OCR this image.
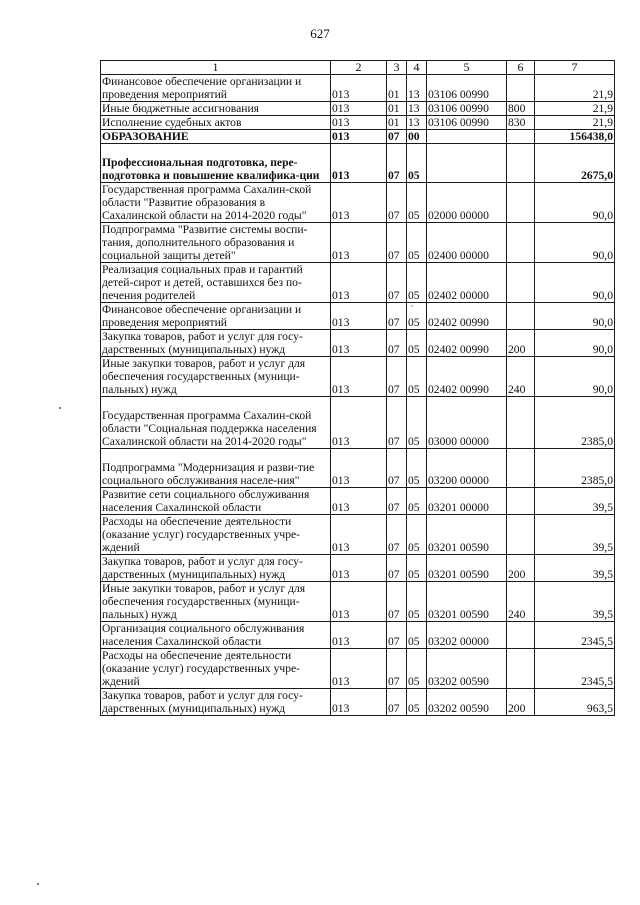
627
1	2	3	4	5	6	7
Финансовое обеспечение организации и проведения мероприятий	013	01	13	03106 00990		21,9
Иные бюджетные ассигнования	013	01	13	03106 00990	800	21,9
Исполнение судебных актов	013	01	13	03106 00990	830	21,9
ОБРАЗОВАНИЕ	013	07	00			156438,0
Профессиональная подготовка, пере-подготовка и повышение квалифика-ции	013	07	05			2675,0
Государственная программа Сахалин-ской области "Развитие образования в Сахалинской области на 2014-2020 годы"	013	07	05	02000 00000		90,0
Подпрограмма "Развитие системы воспи-тания, дополнительного образования и социальной защиты детей"	013	07	05	02400 00000		90,0
Реализация социальных прав и гарантий детей-сирот и детей, оставшихся без по-печения родителей	013	07	05	02402 00000		90,0
Финансовое обеспечение организации и проведения мероприятий	013	07	05	02402 00990		90,0
Закупка товаров, работ и услуг для госу-дарственных (муниципальных) нужд	013	07	05	02402 00990	200	90,0
Иные закупки товаров, работ и услуг для обеспечения государственных (муници-пальных) нужд	013	07	05	02402 00990	240	90,0
Государственная программа Сахалин-ской области "Социальная поддержка населения Сахалинской области на 2014-2020 годы"	013	07	05	03000 00000		2385,0
Подпрограмма "Модернизация и разви-тие социального обслуживания населе-ния"	013	07	05	03200 00000		2385,0
Развитие сети социального обслуживания населения Сахалинской области	013	07	05	03201 00000		39,5
Расходы на обеспечение деятельности (оказание услуг) государственных учре-ждений	013	07	05	03201 00590		39,5
Закупка товаров, работ и услуг для госу-дарственных (муниципальных) нужд	013	07	05	03201 00590	200	39,5
Иные закупки товаров, работ и услуг для обеспечения государственных (муници-пальных) нужд	013	07	05	03201 00590	240	39,5
Организация социального обслуживания населения Сахалинской области	013	07	05	03202 00000		2345,5
Расходы на обеспечение деятельности (оказание услуг) государственных учре-ждений	013	07	05	03202 00590		2345,5
Закупка товаров, работ и услуг для госу-дарственных (муниципальных) нужд	013	07	05	03202 00590	200	963,5
